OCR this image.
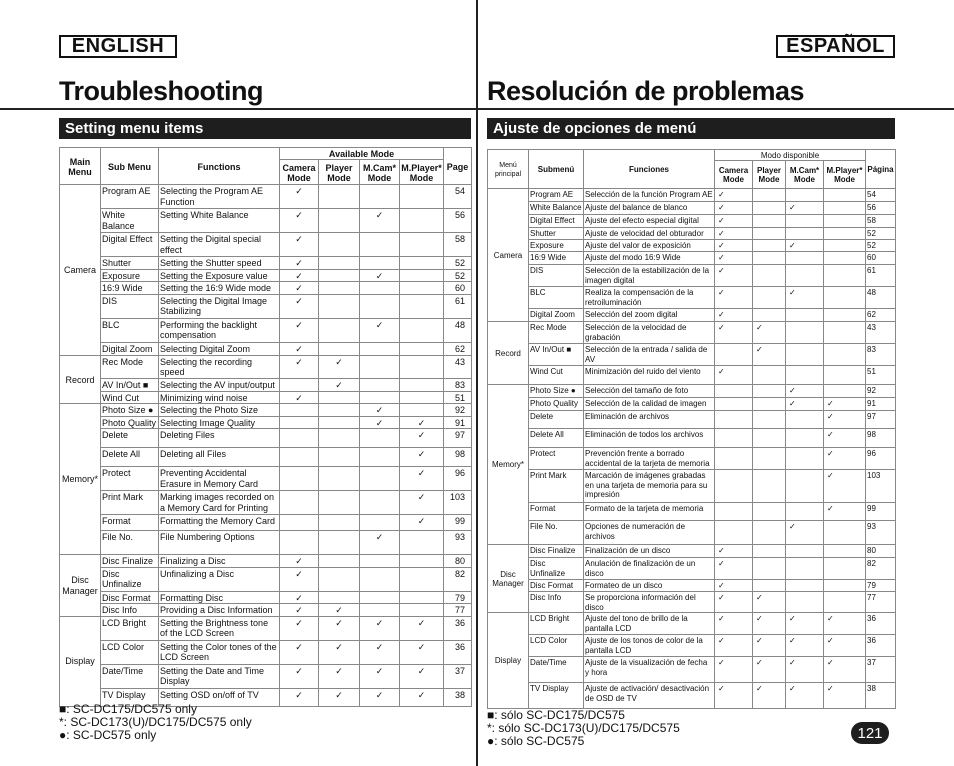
ENGLISH	ESPAÑOL
Troubleshooting	Resolución de problemas
Setting menu items	Ajuste de opciones de menú
Main Menu	Sub Menu	Functions	Available Mode				Page
			Camera Mode	Player Mode	M.Cam* Mode	M.Player* Mode	
Camera	Program AE	Selecting the Program AE Function	✓				54
	White Balance	Setting White Balance	✓		✓		56
	Digital Effect	Setting the Digital special effect	✓				58
	Shutter	Setting the Shutter speed	✓				52
	Exposure	Setting the Exposure value	✓		✓		52
	16:9 Wide	Setting the 16:9 Wide mode	✓				60
	DIS	Selecting the Digital Image Stabilizing	✓				61
	BLC	Performing the backlight compensation	✓		✓		48
	Digital Zoom	Selecting Digital Zoom	✓				62
Record	Rec Mode	Selecting the recording speed	✓	✓			43
	AV In/Out ■	Selecting the AV input/output		✓			83
	Wind Cut	Minimizing wind noise	✓				51
Memory*	Photo Size ●	Selecting the Photo Size			✓		92
	Photo Quality	Selecting Image Quality			✓	✓	91
	Delete	Deleting Files				✓	97
	Delete All	Deleting all Files				✓	98
	Protect	Preventing Accidental Erasure in Memory Card				✓	96
	Print Mark	Marking images recorded on a Memory Card for Printing				✓	103
	Format	Formatting the Memory Card				✓	99
	File No.	File Numbering Options			✓		93
Disc Manager	Disc Finalize	Finalizing a Disc	✓				80
	Disc Unfinalize	Unfinalizing a Disc	✓				82
	Disc Format	Formatting Disc	✓				79
	Disc Info	Providing a Disc Information	✓	✓			77
Display	LCD Bright	Setting the Brightness tone of the LCD Screen	✓	✓	✓	✓	36
	LCD Color	Setting the Color tones of the LCD Screen	✓	✓	✓	✓	36
	Date/Time	Setting the Date and Time Display	✓	✓	✓	✓	37
	TV Display	Setting OSD on/off of TV	✓	✓	✓	✓	38
Menú principal	Submenú	Funciones	Modo disponible				Página
			Camera Mode	Player Mode	M.Cam* Mode	M.Player* Mode	
Camera	Program AE	Selección de la función Program AE	✓				54
	White Balance	Ajuste del balance de blanco	✓		✓		56
	Digital Effect	Ajuste del efecto especial digital	✓				58
	Shutter	Ajuste de velocidad del obturador	✓				52
	Exposure	Ajuste del valor de exposición	✓		✓		52
	16:9 Wide	Ajuste del modo 16:9 Wide	✓				60
	DIS	Selección de la estabilización de la imagen digital	✓				61
	BLC	Realiza la compensación de la retroiluminación	✓		✓		48
	Digital Zoom	Selección del zoom digital	✓				62
Record	Rec Mode	Selección de la velocidad de grabación	✓	✓			43
	AV In/Out ■	Selección de la entrada / salida de AV		✓			83
	Wind Cut	Minimización del ruido del viento	✓				51
Memory*	Photo Size ●	Selección del tamaño de foto			✓		92
	Photo Quality	Selección de la calidad de imagen			✓	✓	91
	Delete	Eliminación de archivos				✓	97
	Delete All	Eliminación de todos los archivos				✓	98
	Protect	Prevención frente a borrado accidental de la tarjeta de memoria				✓	96
	Print Mark	Marcación de imágenes grabadas en una tarjeta de memoria para su impresión				✓	103
	Format	Formato de la tarjeta de memoria				✓	99
	File No.	Opciones de numeración de archivos			✓		93
Disc Manager	Disc Finalize	Finalización de un disco	✓				80
	Disc Unfinalize	Anulación de finalización de un disco	✓				82
	Disc Format	Formateo de un disco	✓				79
	Disc Info	Se proporciona información del disco	✓	✓			77
Display	LCD Bright	Ajuste del tono de brillo de la pantalla LCD	✓	✓	✓	✓	36
	LCD Color	Ajuste de los tonos de color de la pantalla LCD	✓	✓	✓	✓	36
	Date/Time	Ajuste de la visualización de fecha y hora	✓	✓	✓	✓	37
	TV Display	Ajuste de activación/ desactivación de OSD de TV	✓	✓	✓	✓	38
■ : SC-DC175/DC575 only
* : SC-DC173(U)/DC175/DC575 only
● : SC-DC575 only
■ : sólo SC-DC175/DC575
* : sólo SC-DC173(U)/DC175/DC575
● : sólo SC-DC575	121
